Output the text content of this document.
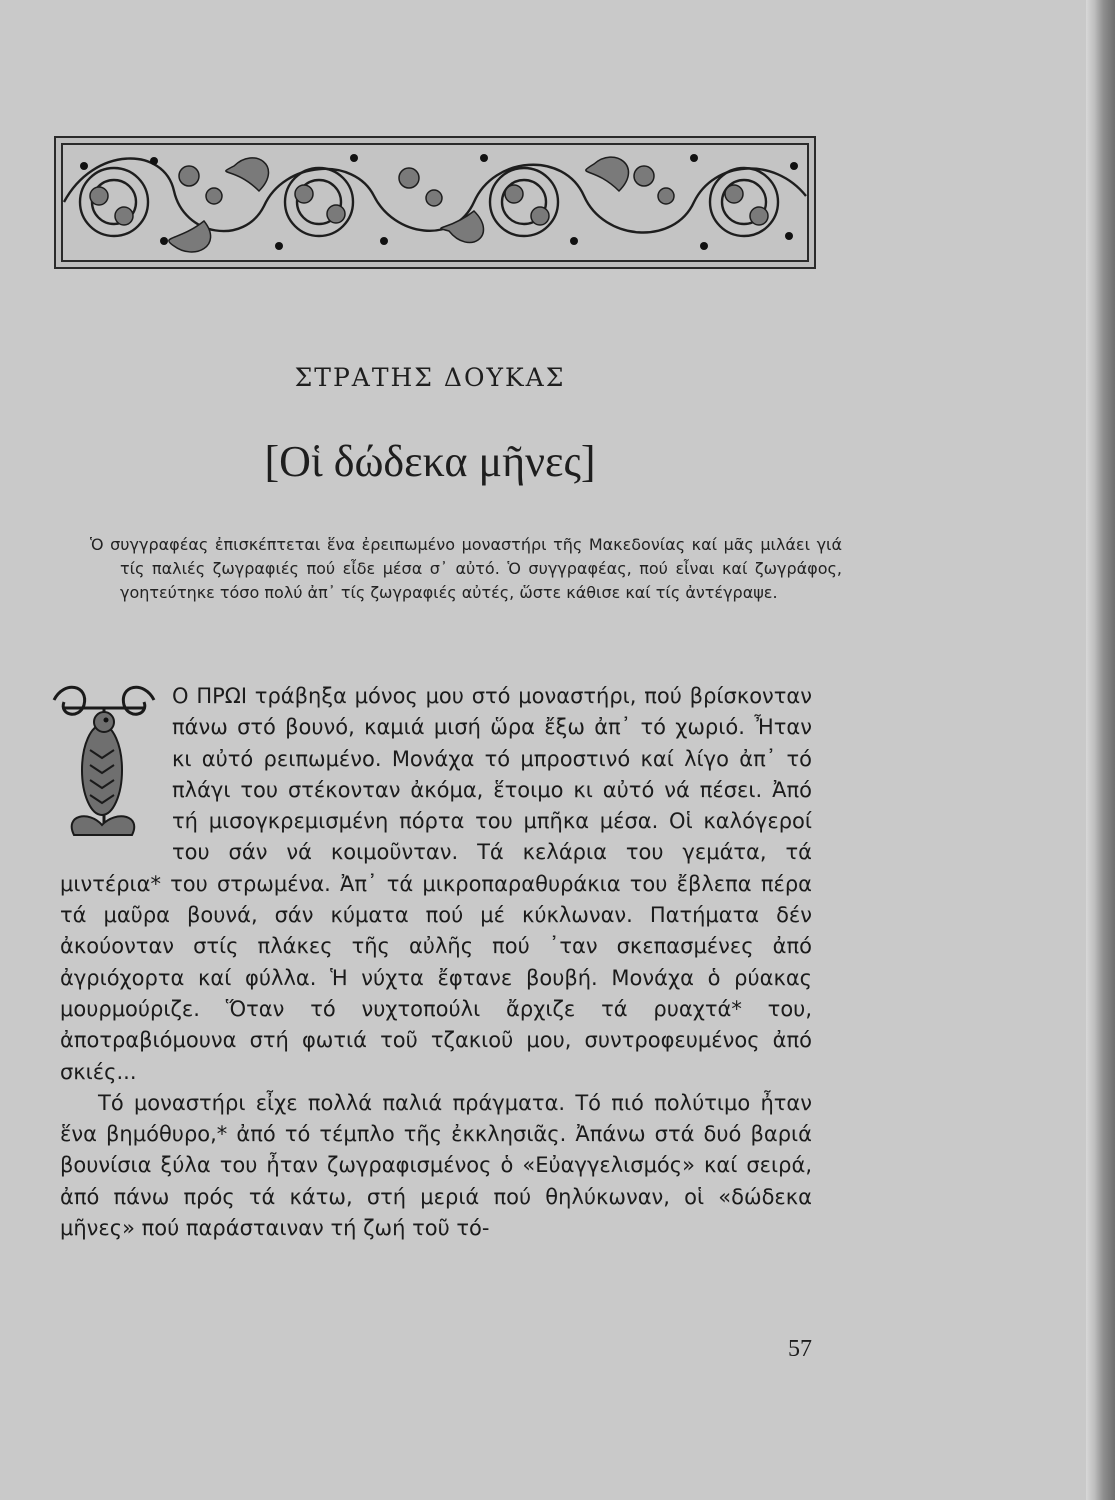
ΣΤΡΑΤΗΣ ΔΟΥΚΑΣ
[Οἱ δώδεκα μῆνες]
Ὁ συγγραφέας ἐπισκέπτεται ἕνα ἐρειπωμένο μοναστήρι τῆς Μακεδονίας καί μᾶς μιλάει γιά τίς παλιές ζωγραφιές πού εἶδε μέσα σ᾿ αὐτό. Ὁ συγγραφέας, πού εἶναι καί ζωγράφος, γοητεύτηκε τόσο πολύ ἀπ᾿ τίς ζωγραφιές αὐτές, ὥστε κάθισε καί τίς ἀντέγραψε.

Ο ΠΡΩΙ τράβηξα μόνος μου στό μοναστήρι, πού βρίσκονταν πάνω στό βουνό, καμιά μισή ὥρα ἔξω ἀπ᾿ τό χωριό. Ἦταν κι αὐτό ρειπωμένο. Μονάχα τό μπροστινό καί λίγο ἀπ᾿ τό πλάγι του στέκονταν ἀκόμα, ἕτοιμο κι αὐτό νά πέσει. Ἀπό τή μισογκρεμισμένη πόρτα του μπῆκα μέσα. Οἱ καλόγεροί του σάν νά κοιμοῦνταν. Τά κελάρια του γεμάτα, τά μιντέρια* του στρωμένα. Ἀπ᾿ τά μικροπαραθυράκια του ἔβλεπα πέρα τά μαῦρα βουνά, σάν κύματα πού μέ κύκλωναν. Πατήματα δέν ἀκούονταν στίς πλάκες τῆς αὐλῆς πού ᾿ταν σκεπασμένες ἀπό ἀγριόχορτα καί φύλλα. Ἡ νύχτα ἔφτανε βουβή. Μονάχα ὁ ρύακας μουρμούριζε. Ὅταν τό νυχτοπούλι ἄρχιζε τά ρυαχτά* του, ἀποτραβιόμουνα στή φωτιά τοῦ τζακιοῦ μου, συντροφευμένος ἀπό σκιές...

Τό μοναστήρι εἶχε πολλά παλιά πράγματα. Τό πιό πολύτιμο ἦταν ἕνα βημόθυρο,* ἀπό τό τέμπλο τῆς ἐκκλησιᾶς. Ἀπάνω στά δυό βαριά βουνίσια ξύλα του ἦταν ζωγραφισμένος ὁ «Εὐαγγελισμός» καί σειρά, ἀπό πάνω πρός τά κάτω, στή μεριά πού θηλύκωναν, οἱ «δώδεκα μῆνες» πού παράσταιναν τή ζωή τοῦ τό-

57
